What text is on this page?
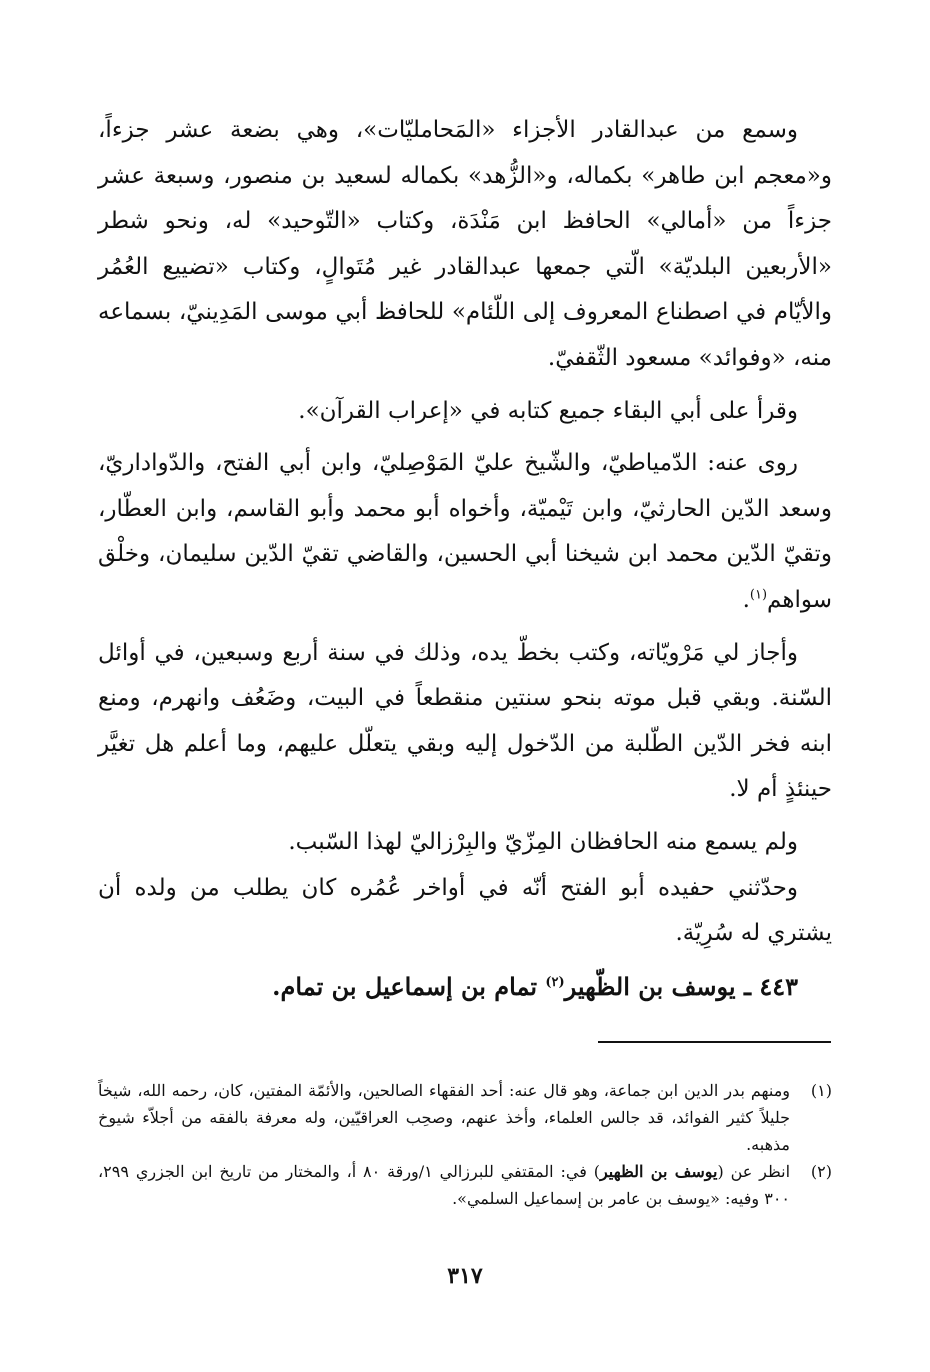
وسمع من عبدالقادر الأجزاء «المَحامليّات»، وهي بضعة عشر جزءاً، و«معجم ابن طاهر» بكماله، و«الزُّهد» بكماله لسعيد بن منصور، وسبعة عشر جزءاً من «أمالي» الحافظ ابن مَنْدَة، وكتاب «التّوحيد» له، ونحو شطر «الأربعين البلديّة» الّتي جمعها عبدالقادر غير مُتَوالٍ، وكتاب «تضييع العُمُر والأيّام في اصطناع المعروف إلى اللّئام» للحافظ أبي موسى المَدِينيّ، بسماعه منه، «وفوائد» مسعود الثّقفيّ.

وقرأ على أبي البقاء جميع كتابه في «إعراب القرآن».

روى عنه: الدّمياطيّ، والشّيخ عليّ المَوْصِليّ، وابن أبي الفتح، والدّواداريّ، وسعد الدّين الحارثيّ، وابن تَيْميّة، وأخواه أبو محمد وأبو القاسم، وابن العطّار، وتقيّ الدّين محمد ابن شيخنا أبي الحسين، والقاضي تقيّ الدّين سليمان، وخلْق سواهم$^{(١)}$.

وأجاز لي مَرْويّاته، وكتب بخطّ يده، وذلك في سنة أربع وسبعين، في أوائل السّنة. وبقي قبل موته بنحو سنتين منقطعاً في البيت، وضَعُف وانهرم، ومنع ابنه فخر الدّين الطّلبة من الدّخول إليه وبقي يتعلّل عليهم، وما أعلم هل تغيَّر حينئذٍ أم لا.

ولم يسمع منه الحافظان المِزّيّ والبِرْزاليّ لهذا السّبب.

وحدّثني حفيده أبو الفتح أنّه في أواخر عُمُره كان يطلب من ولده أن يشتري له سُرِيّة.

٤٤٣ ـ يوسف بن الظّهير$^{(٢)}$ تمام بن إسماعيل بن تمام.

(١)
ومنهم بدر الدين ابن جماعة، وهو قال عنه: أحد الفقهاء الصالحين، والأئمّة المفتين، كان، رحمه الله، شيخاً جليلاً كثير الفوائد، قد جالس العلماء، وأخذ عنهم، وصحِب العراقيّين، وله معرفة بالفقه من أجلاّء شيوخ مذهبه.
(٢)
انظر عن (يوسف بن الظهير) في: المقتفي للبرزالي ١/ورقة ٨٠ أ، والمختار من تاريخ ابن الجزري ٢٩٩، ٣٠٠ وفيه: «يوسف بن عامر بن إسماعيل السلمي».
٣١٧
